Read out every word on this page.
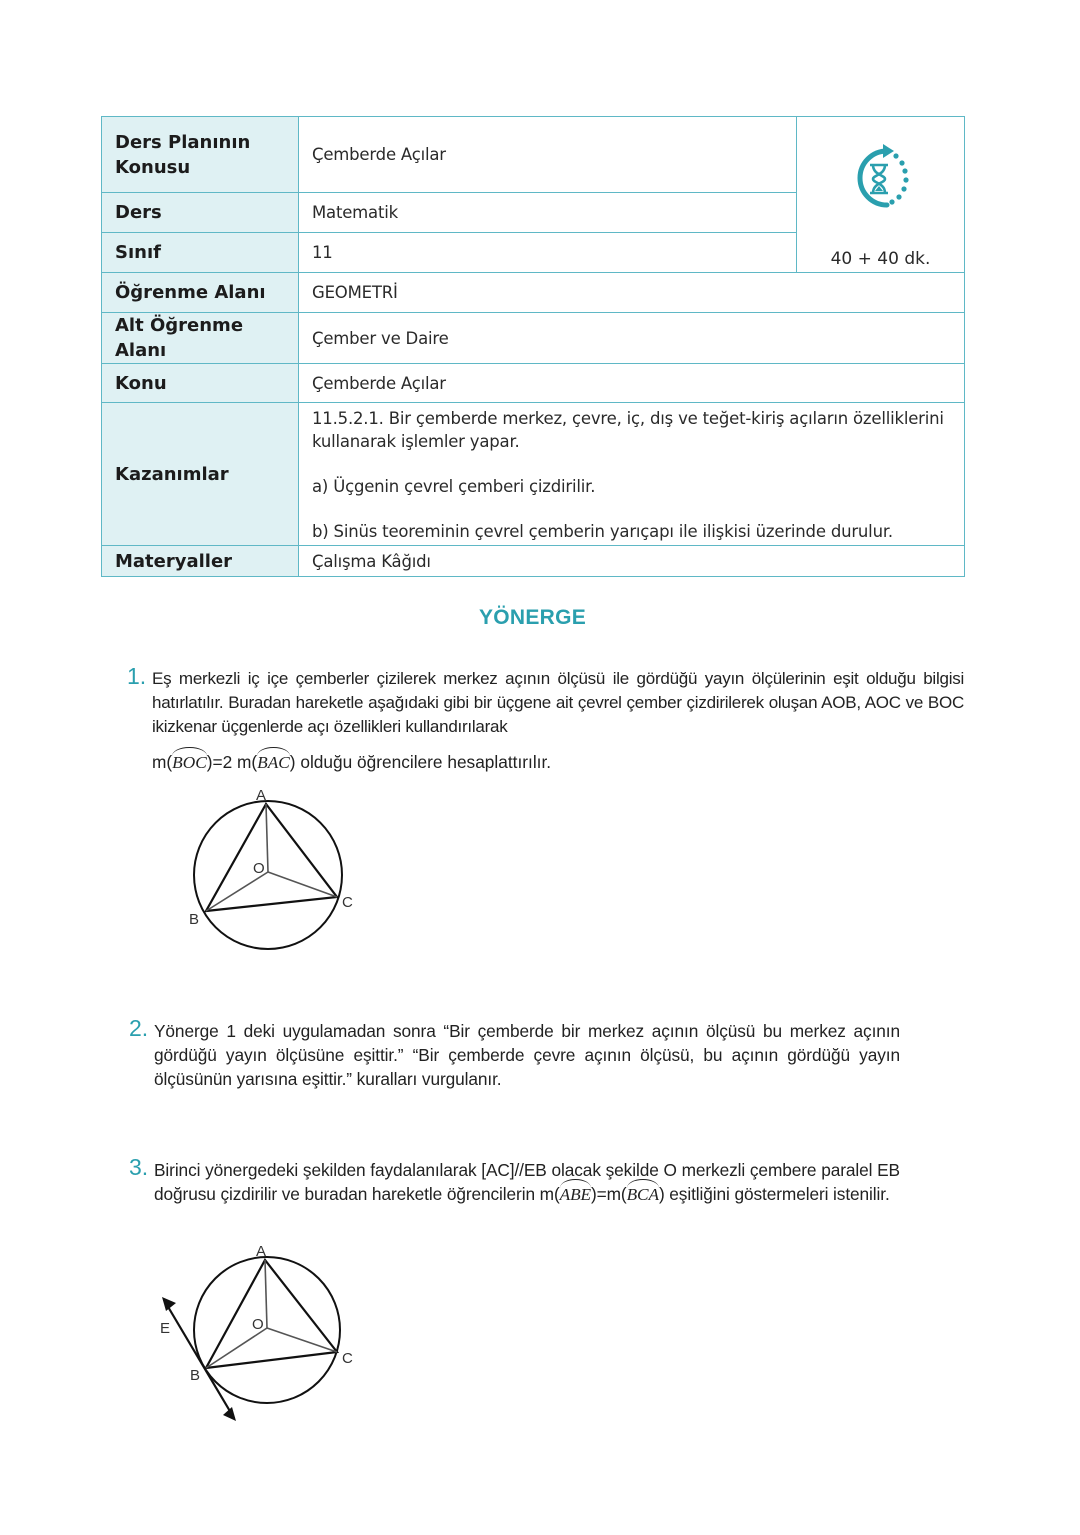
Ders Planının Konusu	Çemberde Açılar	40 + 40 dk.

Ders	Matematik	
Sınıf	11	
Öğrenme Alanı	GEOMETRİ	
Alt Öğrenme Alanı	Çember ve Daire	
Konu	Çemberde Açılar	
Kazanımlar	11.5.2.1. Bir çemberde merkez, çevre, iç, dış ve teğet-kiriş açıların özelliklerini
kullanarak işlemler yapar.
a) Üçgenin çevrel çemberi çizdirilir.
b) Sinüs teoreminin çevrel çemberin yarıçapı ile ilişkisi üzerinde durulur.	

Materyaller	Çalışma Kâğıdı	
YÖNERGE
1. Eş merkezli iç içe çemberler çizilerek merkez açının ölçüsü ile gördüğü yayın ölçülerinin eşit olduğu bilgisi hatırlatılır. Buradan hareketle aşağıdaki gibi bir üçgene ait çevrel çember çizdirilerek oluşan AOB, AOC ve BOC ikizkenar üçgenlerde açı özellikleri kullandırılarak

m(BOC)=2 m(BAC) olduğu öğrencilere hesaplattırılır.
A
O
B
C
2. Yönerge 1 deki uygulamadan sonra “Bir çemberde bir merkez açının ölçüsü bu merkez açının gördüğü yayın ölçüsüne eşittir.” “Bir çemberde çevre açının ölçüsü, bu açının gördüğü yayın ölçüsünün yarısına eşittir.” kuralları vurgulanır.

3. Birinci yönergedeki şekilden faydalanılarak [AC]//EB olacak şekilde O merkezli çembere paralel EB doğrusu çizdirilir ve buradan hareketle öğrencilerin m(ABE)=m(BCA) eşitliğini göstermeleri istenilir.

A
O
E
B
C
